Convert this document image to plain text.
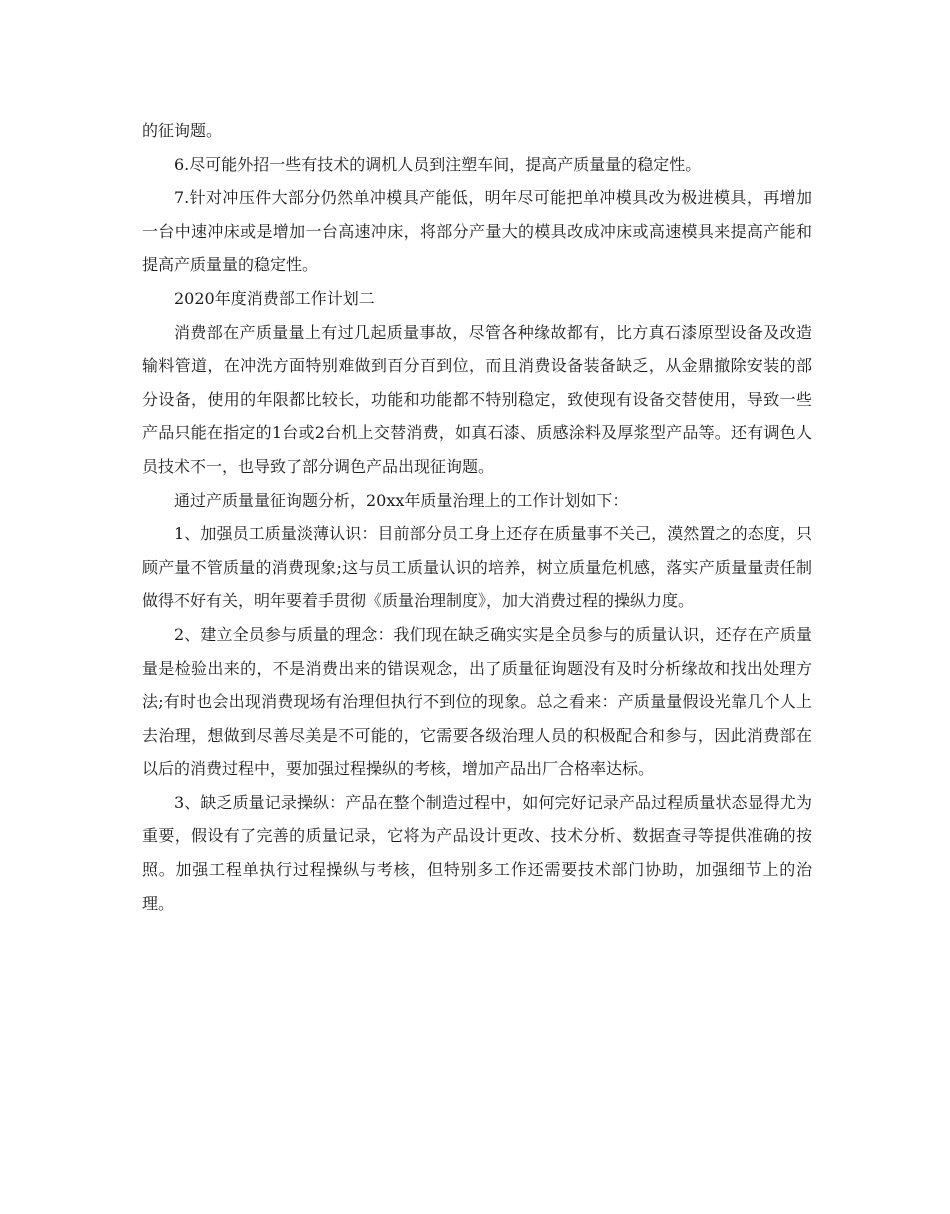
的征询题。

6.尽可能外招一些有技术的调机人员到注塑车间，提高产质量量的稳定性。

7.针对冲压件大部分仍然单冲模具产能低，明年尽可能把单冲模具改为极进模具，再增加一台中速冲床或是增加一台高速冲床，将部分产量大的模具改成冲床或高速模具来提高产能和提高产质量量的稳定性。

2020年度消费部工作计划二

消费部在产质量量上有过几起质量事故，尽管各种缘故都有，比方真石漆原型设备及改造输料管道，在冲洗方面特别难做到百分百到位，而且消费设备装备缺乏，从金鼎撤除安装的部分设备，使用的年限都比较长，功能和功能都不特别稳定，致使现有设备交替使用，导致一些产品只能在指定的1台或2台机上交替消费，如真石漆、质感涂料及厚浆型产品等。还有调色人员技术不一，也导致了部分调色产品出现征询题。

通过产质量量征询题分析，20xx年质量治理上的工作计划如下：

1、加强员工质量淡薄认识：目前部分员工身上还存在质量事不关己，漠然置之的态度，只顾产量不管质量的消费现象;这与员工质量认识的培养，树立质量危机感，落实产质量量责任制做得不好有关，明年要着手贯彻《质量治理制度》，加大消费过程的操纵力度。

2、建立全员参与质量的理念：我们现在缺乏确实实是全员参与的质量认识，还存在产质量量是检验出来的，不是消费出来的错误观念，出了质量征询题没有及时分析缘故和找出处理方法;有时也会出现消费现场有治理但执行不到位的现象。总之看来：产质量量假设光靠几个人上去治理，想做到尽善尽美是不可能的，它需要各级治理人员的积极配合和参与，因此消费部在以后的消费过程中，要加强过程操纵的考核，增加产品出厂合格率达标。

3、缺乏质量记录操纵：产品在整个制造过程中，如何完好记录产品过程质量状态显得尤为重要，假设有了完善的质量记录，它将为产品设计更改、技术分析、数据查寻等提供准确的按照。加强工程单执行过程操纵与考核，但特别多工作还需要技术部门协助，加强细节上的治理。
